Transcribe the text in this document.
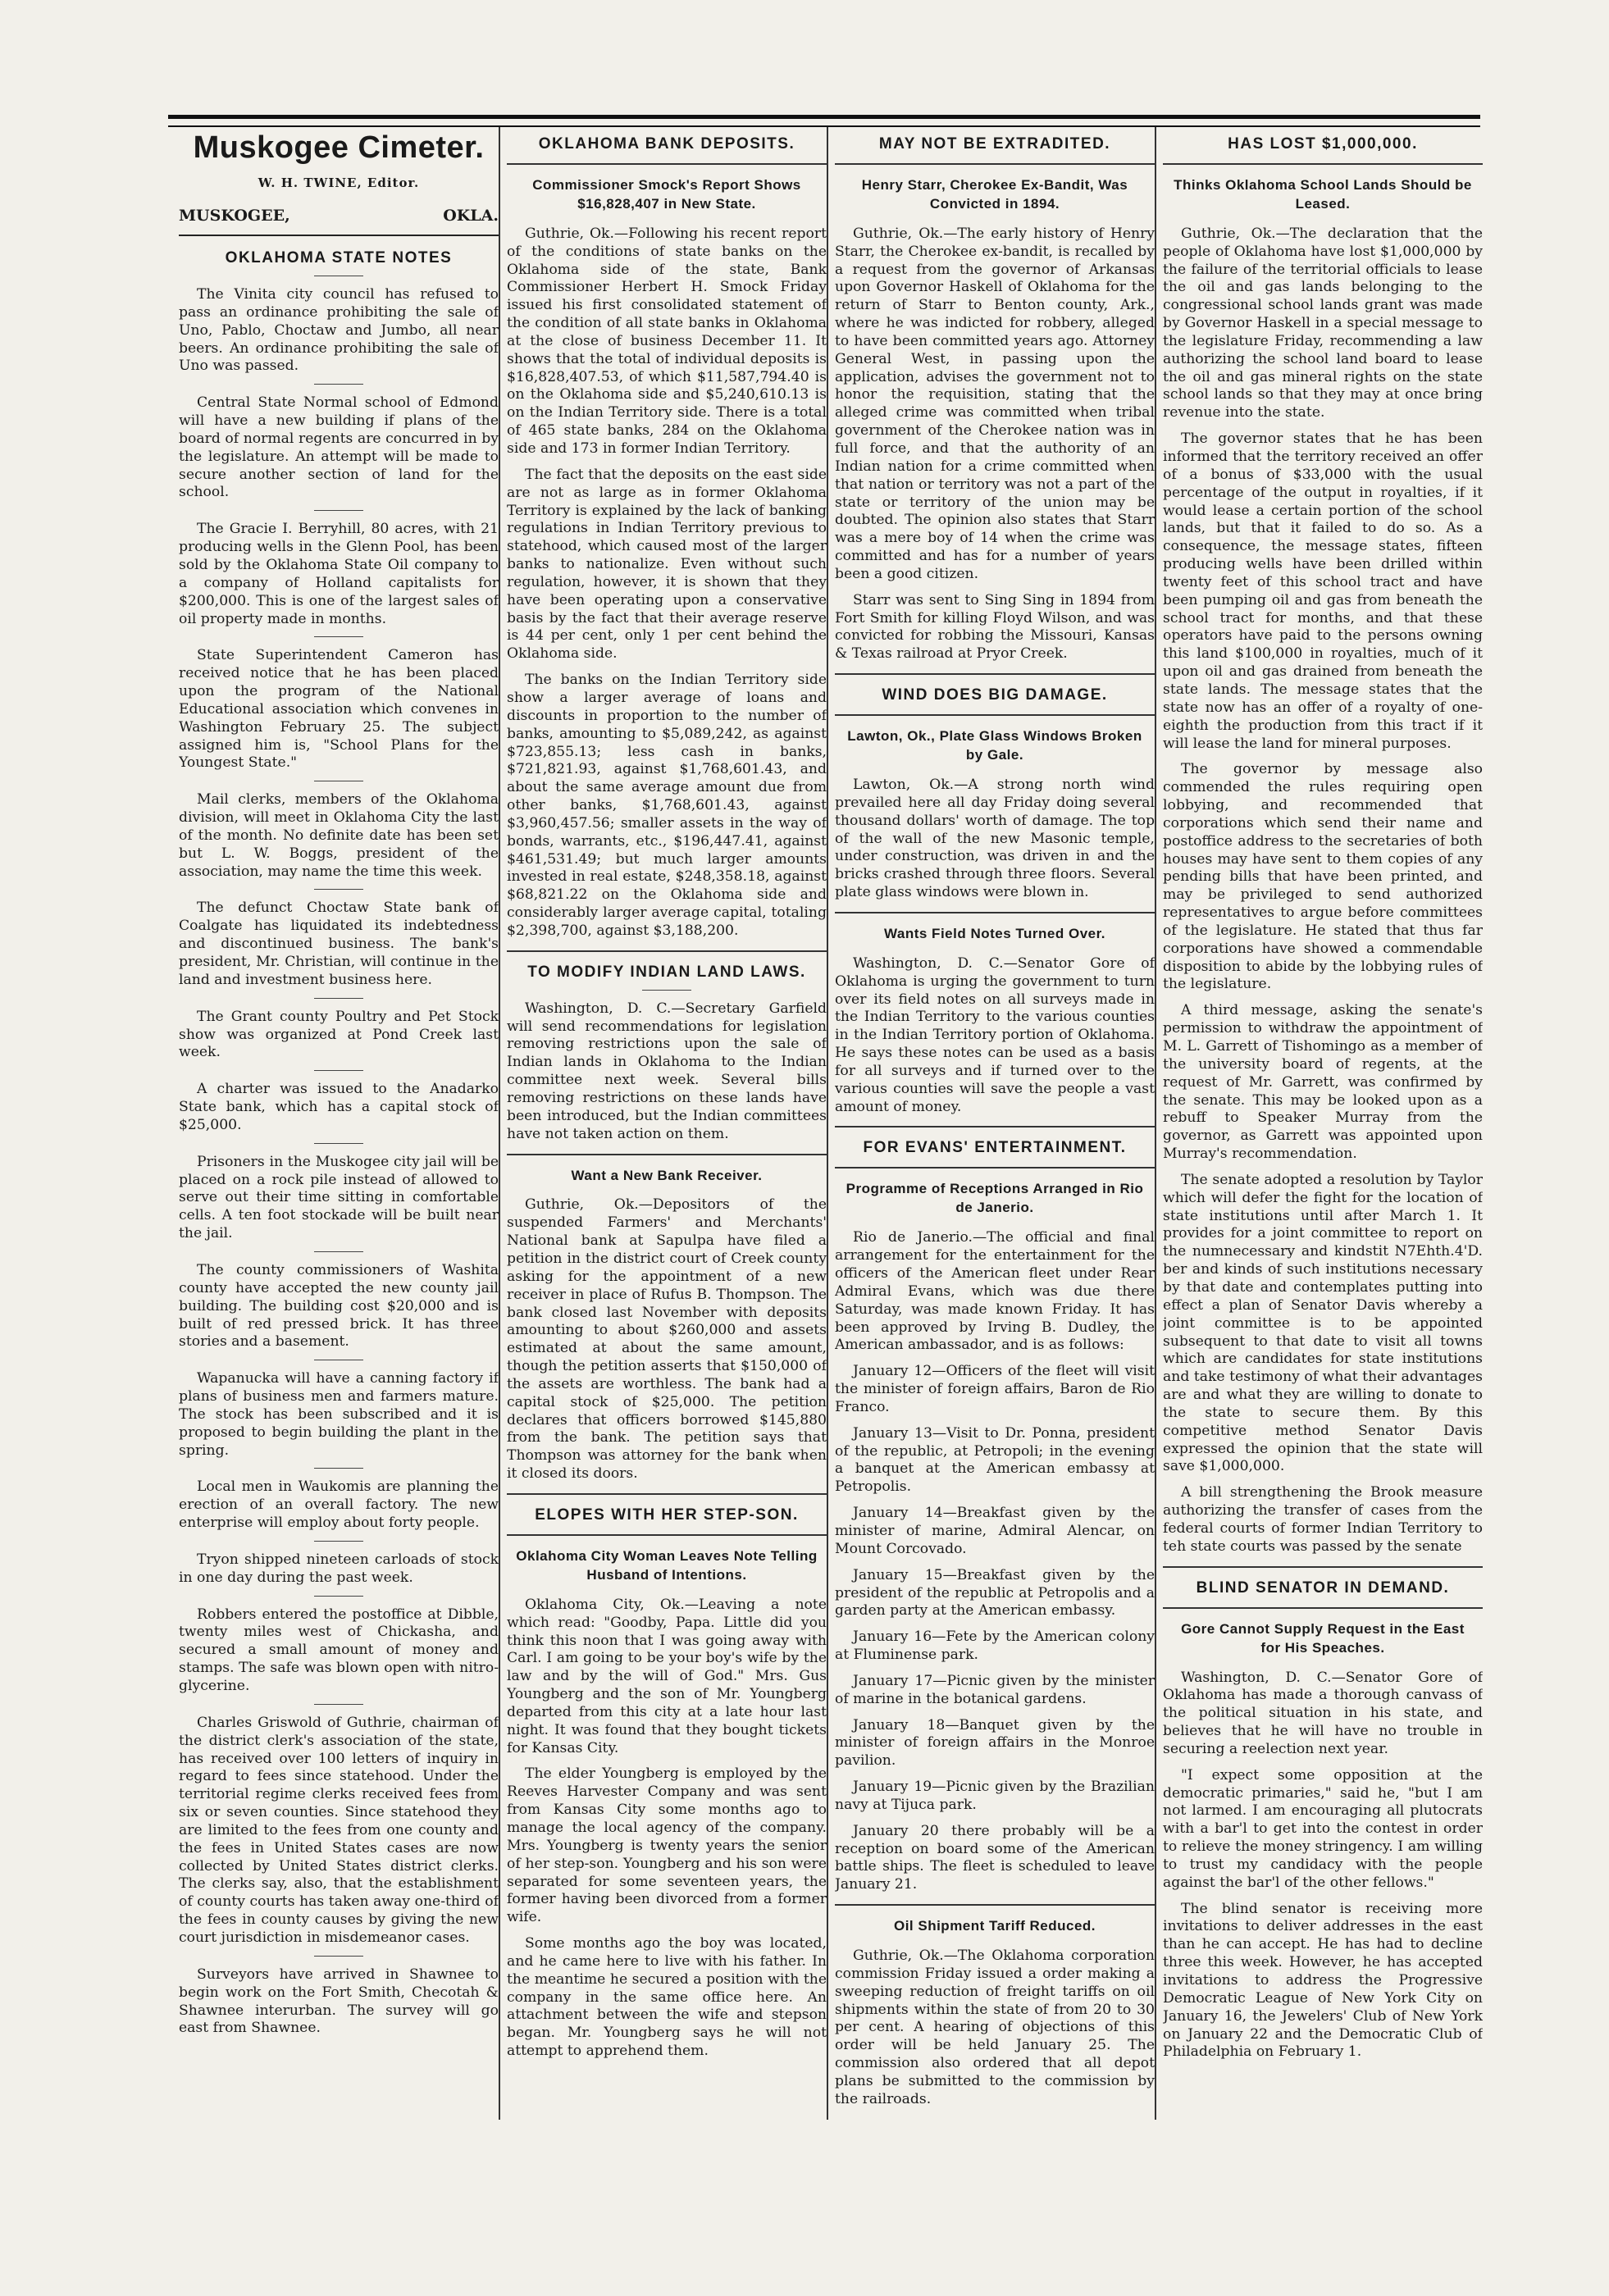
Muskogee Cimeter.
W. H. TWINE, Editor.
MUSKOGEE,	OKLA.
OKLAHOMA STATE NOTES

The Vinita city council has refused to pass an ordinance prohibiting the sale of Uno, Pablo, Choctaw and Jumbo, all near beers. An ordinance prohibiting the sale of Uno was passed.

Central State Normal school of Edmond will have a new building if plans of the board of normal regents are concurred in by the legislature. An attempt will be made to secure another section of land for the school.

The Gracie I. Berryhill, 80 acres, with 21 producing wells in the Glenn Pool, has been sold by the Oklahoma State Oil company to a company of Holland capitalists for $200,000. This is one of the largest sales of oil property made in months.

State Superintendent Cameron has received notice that he has been placed upon the program of the National Educational association which convenes in Washington February 25. The subject assigned him is, "School Plans for the Youngest State."

Mail clerks, members of the Oklahoma division, will meet in Oklahoma City the last of the month. No definite date has been set but L. W. Boggs, president of the association, may name the time this week.

The defunct Choctaw State bank of Coalgate has liquidated its indebtedness and discontinued business. The bank's president, Mr. Christian, will continue in the land and investment business here.

The Grant county Poultry and Pet Stock show was organized at Pond Creek last week.

A charter was issued to the Anadarko State bank, which has a capital stock of $25,000.

Prisoners in the Muskogee city jail will be placed on a rock pile instead of allowed to serve out their time sitting in comfortable cells. A ten foot stockade will be built near the jail.

The county commissioners of Washita county have accepted the new county jail building. The building cost $20,000 and is built of red pressed brick. It has three stories and a basement.

Wapanucka will have a canning factory if plans of business men and farmers mature. The stock has been subscribed and it is proposed to begin building the plant in the spring.

Local men in Waukomis are planning the erection of an overall factory. The new enterprise will employ about forty people.

Tryon shipped nineteen carloads of stock in one day during the past week.

Robbers entered the postoffice at Dibble, twenty miles west of Chickasha, and secured a small amount of money and stamps. The safe was blown open with nitro-glycerine.

Charles Griswold of Guthrie, chairman of the district clerk's association of the state, has received over 100 letters of inquiry in regard to fees since statehood. Under the territorial regime clerks received fees from six or seven counties. Since statehood they are limited to the fees from one county and the fees in United States cases are now collected by United States district clerks. The clerks say, also, that the establishment of county courts has taken away one-third of the fees in county causes by giving the new court jurisdiction in misdemeanor cases.

Surveyors have arrived in Shawnee to begin work on the Fort Smith, Checotah & Shawnee interurban. The survey will go east from Shawnee.

OKLAHOMA BANK DEPOSITS.
Commissioner Smock's Report Shows $16,828,407 in New State.

Guthrie, Ok.—Following his recent report of the conditions of state banks on the Oklahoma side of the state, Bank Commissioner Herbert H. Smock Friday issued his first consolidated statement of the condition of all state banks in Oklahoma at the close of business December 11. It shows that the total of individual deposits is $16,828,407.53, of which $11,587,794.40 is on the Oklahoma side and $5,240,610.13 is on the Indian Territory side. There is a total of 465 state banks, 284 on the Oklahoma side and 173 in former Indian Territory.

The fact that the deposits on the east side are not as large as in former Oklahoma Territory is explained by the lack of banking regulations in Indian Territory previous to statehood, which caused most of the larger banks to nationalize. Even without such regulation, however, it is shown that they have been operating upon a conservative basis by the fact that their average reserve is 44 per cent, only 1 per cent behind the Oklahoma side.

The banks on the Indian Territory side show a larger average of loans and discounts in proportion to the number of banks, amounting to $5,089,242, as against $723,855.13; less cash in banks, $721,821.93, against $1,768,601.43, and about the same average amount due from other banks, $1,768,601.43, against $3,960,457.56; smaller assets in the way of bonds, warrants, etc., $196,447.41, against $461,531.49; but much larger amounts invested in real estate, $248,358.18, against $68,821.22 on the Oklahoma side and considerably larger average capital, totaling $2,398,700, against $3,188,200.

TO MODIFY INDIAN LAND LAWS.

Washington, D. C.—Secretary Garfield will send recommendations for legislation removing restrictions upon the sale of Indian lands in Oklahoma to the Indian committee next week. Several bills removing restrictions on these lands have been introduced, but the Indian committees have not taken action on them.

Want a New Bank Receiver.

Guthrie, Ok.—Depositors of the suspended Farmers' and Merchants' National bank at Sapulpa have filed a petition in the district court of Creek county asking for the appointment of a new receiver in place of Rufus B. Thompson. The bank closed last November with deposits amounting to about $260,000 and assets estimated at about the same amount, though the petition asserts that $150,000 of the assets are worthless. The bank had a capital stock of $25,000. The petition declares that officers borrowed $145,880 from the bank. The petition says that Thompson was attorney for the bank when it closed its doors.

ELOPES WITH HER STEP-SON.
Oklahoma City Woman Leaves Note Telling Husband of Intentions.

Oklahoma City, Ok.—Leaving a note which read: "Goodby, Papa. Little did you think this noon that I was going away with Carl. I am going to be your boy's wife by the law and by the will of God." Mrs. Gus Youngberg and the son of Mr. Youngberg departed from this city at a late hour last night. It was found that they bought tickets for Kansas City.

The elder Youngberg is employed by the Reeves Harvester Company and was sent from Kansas City some months ago to manage the local agency of the company. Mrs. Youngberg is twenty years the senior of her step-son. Youngberg and his son were separated for some seventeen years, the former having been divorced from a former wife.

Some months ago the boy was located, and he came here to live with his father. In the meantime he secured a position with the company in the same office here. An attachment between the wife and stepson began. Mr. Youngberg says he will not attempt to apprehend them.

MAY NOT BE EXTRADITED.
Henry Starr, Cherokee Ex-Bandit, Was Convicted in 1894.

Guthrie, Ok.—The early history of Henry Starr, the Cherokee ex-bandit, is recalled by a request from the governor of Arkansas upon Governor Haskell of Oklahoma for the return of Starr to Benton county, Ark., where he was indicted for robbery, alleged to have been committed years ago. Attorney General West, in passing upon the application, advises the government not to honor the requisition, stating that the alleged crime was committed when tribal government of the Cherokee nation was in full force, and that the authority of an Indian nation for a crime committed when that nation or territory was not a part of the state or territory of the union may be doubted. The opinion also states that Starr was a mere boy of 14 when the crime was committed and has for a number of years been a good citizen.

Starr was sent to Sing Sing in 1894 from Fort Smith for killing Floyd Wilson, and was convicted for robbing the Missouri, Kansas & Texas railroad at Pryor Creek.

WIND DOES BIG DAMAGE.
Lawton, Ok., Plate Glass Windows Broken by Gale.

Lawton, Ok.—A strong north wind prevailed here all day Friday doing several thousand dollars' worth of damage. The top of the wall of the new Masonic temple, under construction, was driven in and the bricks crashed through three floors. Several plate glass windows were blown in.

Wants Field Notes Turned Over.

Washington, D. C.—Senator Gore of Oklahoma is urging the government to turn over its field notes on all surveys made in the Indian Territory to the various counties in the Indian Territory portion of Oklahoma. He says these notes can be used as a basis for all surveys and if turned over to the various counties will save the people a vast amount of money.

FOR EVANS' ENTERTAINMENT.
Programme of Receptions Arranged in Rio de Janerio.

Rio de Janerio.—The official and final arrangement for the entertainment for the officers of the American fleet under Rear Admiral Evans, which was due there Saturday, was made known Friday. It has been approved by Irving B. Dudley, the American ambassador, and is as follows:

January 12—Officers of the fleet will visit the minister of foreign affairs, Baron de Rio Franco.

January 13—Visit to Dr. Ponna, president of the republic, at Petropoli; in the evening a banquet at the American embassy at Petropolis.

January 14—Breakfast given by the minister of marine, Admiral Alencar, on Mount Corcovado.

January 15—Breakfast given by the president of the republic at Petropolis and a garden party at the American embassy.

January 16—Fete by the American colony at Fluminense park.

January 17—Picnic given by the minister of marine in the botanical gardens.

January 18—Banquet given by the minister of foreign affairs in the Monroe pavilion.

January 19—Picnic given by the Brazilian navy at Tijuca park.

January 20 there probably will be a reception on board some of the American battle ships. The fleet is scheduled to leave January 21.

Oil Shipment Tariff Reduced.

Guthrie, Ok.—The Oklahoma corporation commission Friday issued a order making a sweeping reduction of freight tariffs on oil shipments within the state of from 20 to 30 per cent. A hearing of objections of this order will be held January 25. The commission also ordered that all depot plans be submitted to the commission by the railroads.

HAS LOST $1,000,000.
Thinks Oklahoma School Lands Should be Leased.

Guthrie, Ok.—The declaration that the people of Oklahoma have lost $1,000,000 by the failure of the territorial officials to lease the oil and gas lands belonging to the congressional school lands grant was made by Governor Haskell in a special message to the legislature Friday, recommending a law authorizing the school land board to lease the oil and gas mineral rights on the state school lands so that they may at once bring revenue into the state.

The governor states that he has been informed that the territory received an offer of a bonus of $33,000 with the usual percentage of the output in royalties, if it would lease a certain portion of the school lands, but that it failed to do so. As a consequence, the message states, fifteen producing wells have been drilled within twenty feet of this school tract and have been pumping oil and gas from beneath the school tract for months, and that these operators have paid to the persons owning this land $100,000 in royalties, much of it upon oil and gas drained from beneath the state lands. The message states that the state now has an offer of a royalty of one-eighth the production from this tract if it will lease the land for mineral purposes.

The governor by message also commended the rules requiring open lobbying, and recommended that corporations which send their name and postoffice address to the secretaries of both houses may have sent to them copies of any pending bills that have been printed, and may be privileged to send authorized representatives to argue before committees of the legislature. He stated that thus far corporations have showed a commendable disposition to abide by the lobbying rules of the legislature.

A third message, asking the senate's permission to withdraw the appointment of M. L. Garrett of Tishomingo as a member of the university board of regents, at the request of Mr. Garrett, was confirmed by the senate. This may be looked upon as a rebuff to Speaker Murray from the governor, as Garrett was appointed upon Murray's recommendation.

The senate adopted a resolution by Taylor which will defer the fight for the location of state institutions until after March 1. It provides for a joint committee to report on the numnecessary and kindstit N7Ehth.4'D. ber and kinds of such institutions necessary by that date and contemplates putting into effect a plan of Senator Davis whereby a joint committee is to be appointed subsequent to that date to visit all towns which are candidates for state institutions and take testimony of what their advantages are and what they are willing to donate to the state to secure them. By this competitive method Senator Davis expressed the opinion that the state will save $1,000,000.

A bill strengthening the Brook measure authorizing the transfer of cases from the federal courts of former Indian Territory to teh state courts was passed by the senate

BLIND SENATOR IN DEMAND.
Gore Cannot Supply Request in the East for His Speaches.

Washington, D. C.—Senator Gore of Oklahoma has made a thorough canvass of the political situation in his state, and believes that he will have no trouble in securing a reelection next year.

"I expect some opposition at the democratic primaries," said he, "but I am not larmed. I am encouraging all plutocrats with a bar'l to get into the contest in order to relieve the money stringency. I am willing to trust my candidacy with the people against the bar'l of the other fellows."

The blind senator is receiving more invitations to deliver addresses in the east than he can accept. He has had to decline three this week. However, he has accepted invitations to address the Progressive Democratic League of New York City on January 16, the Jewelers' Club of New York on January 22 and the Democratic Club of Philadelphia on February 1.
